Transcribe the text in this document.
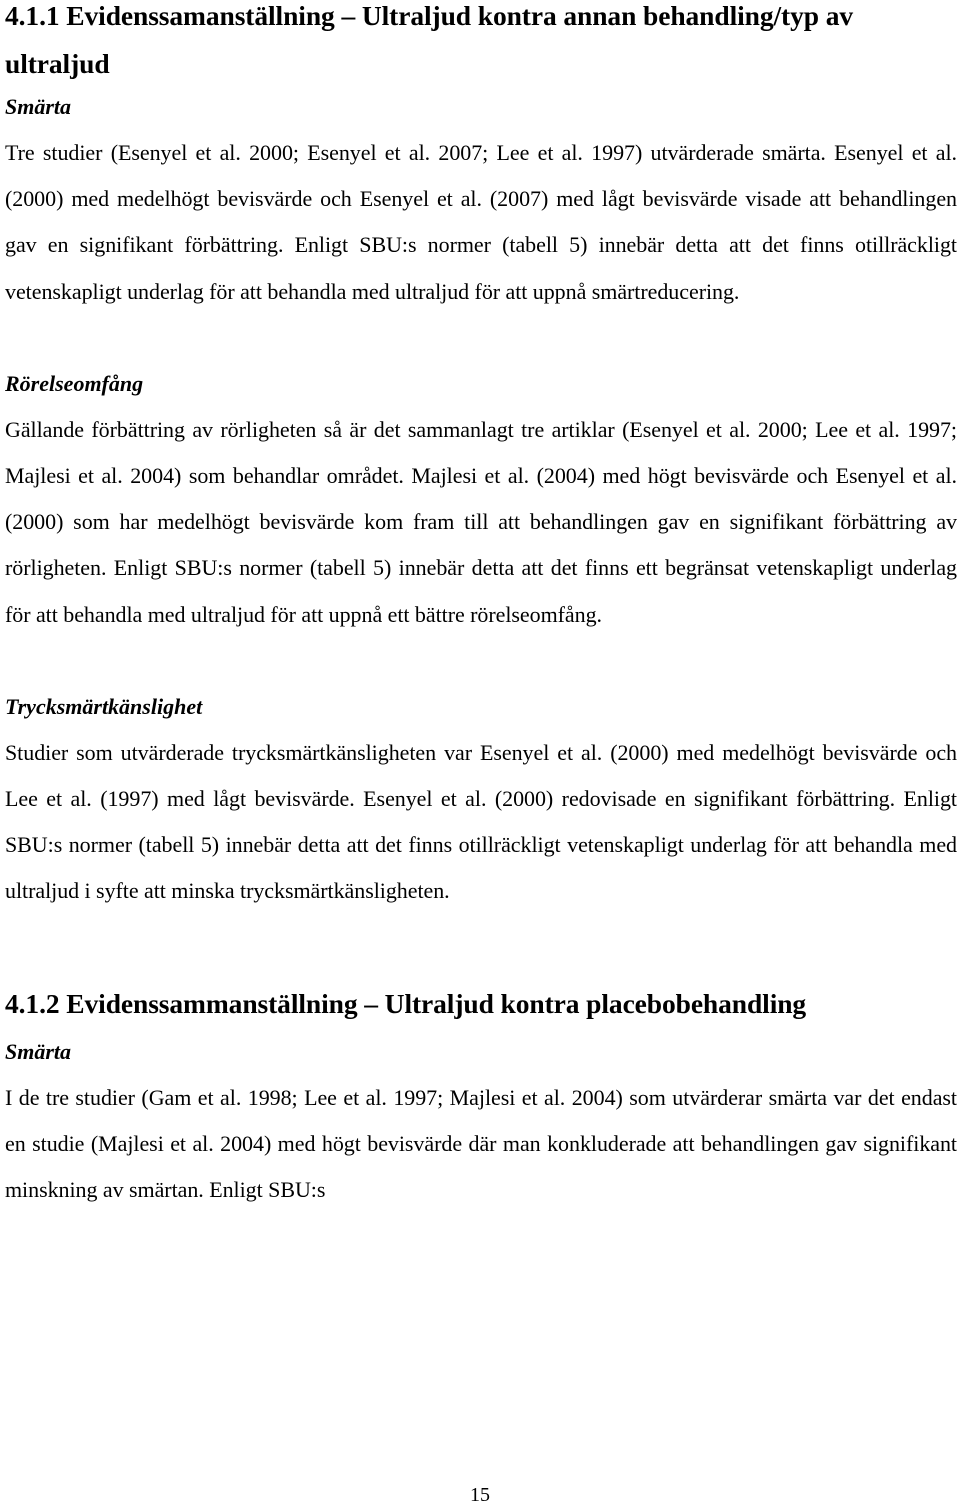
4.1.1 Evidenssamanställning – Ultraljud kontra annan behandling/typ av ultraljud
Smärta

Tre studier (Esenyel et al. 2000; Esenyel et al. 2007; Lee et al. 1997) utvärderade smärta. Esenyel et al. (2000) med medelhögt bevisvärde och Esenyel et al. (2007) med lågt bevisvärde visade att behandlingen gav en signifikant förbättring. Enligt SBU:s normer (tabell 5) innebär detta att det finns otillräckligt vetenskapligt underlag för att behandla med ultraljud för att uppnå smärtreducering.

Rörelseomfång

Gällande förbättring av rörligheten så är det sammanlagt tre artiklar (Esenyel et al. 2000; Lee et al. 1997; Majlesi et al. 2004) som behandlar området. Majlesi et al. (2004) med högt bevisvärde och Esenyel et al. (2000) som har medelhögt bevisvärde kom fram till att behandlingen gav en signifikant förbättring av rörligheten. Enligt SBU:s normer (tabell 5) innebär detta att det finns ett begränsat vetenskapligt underlag för att behandla med ultraljud för att uppnå ett bättre rörelseomfång.

Trycksmärtkänslighet

Studier som utvärderade trycksmärtkänsligheten var Esenyel et al. (2000) med medelhögt bevisvärde och Lee et al. (1997) med lågt bevisvärde. Esenyel et al. (2000) redovisade en signifikant förbättring. Enligt SBU:s normer (tabell 5) innebär detta att det finns otillräckligt vetenskapligt underlag för att behandla med ultraljud i syfte att minska trycksmärtkänsligheten.

4.1.2 Evidenssammanställning – Ultraljud kontra placebobehandling
Smärta

I de tre studier (Gam et al. 1998; Lee et al. 1997; Majlesi et al. 2004) som utvärderar smärta var det endast en studie (Majlesi et al. 2004) med högt bevisvärde där man konkluderade att behandlingen gav signifikant minskning av smärtan. Enligt SBU:s

15
